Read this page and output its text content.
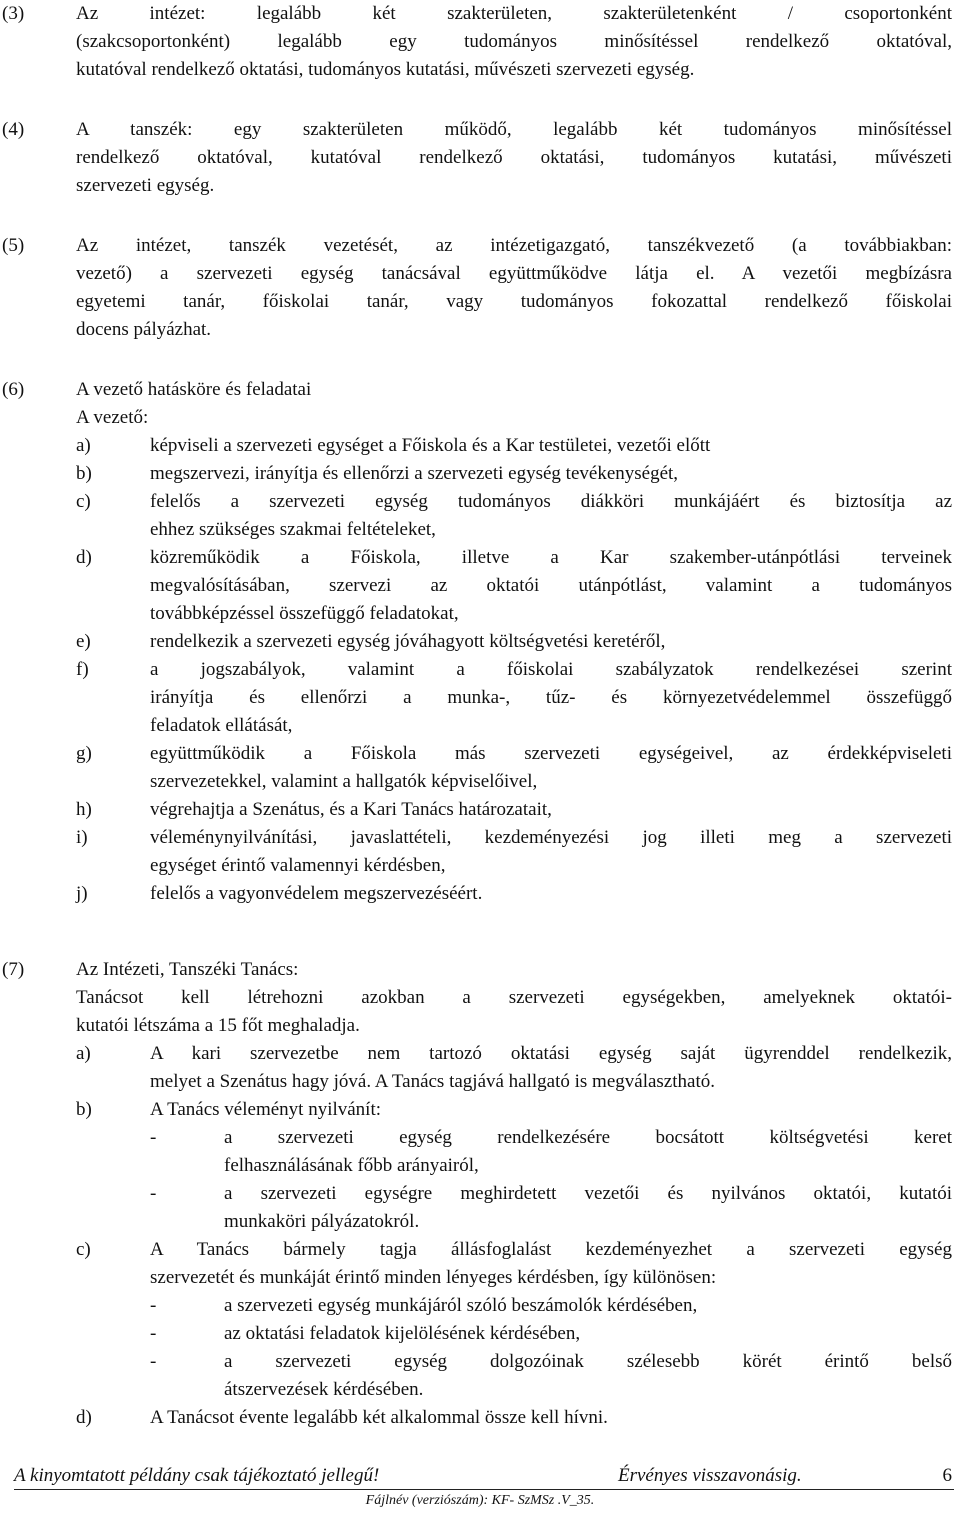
(3)	Az intézet: legalább két szakterületen, szakterületenként / csoportonként
(szakcsoportonként) legalább egy tudományos minősítéssel rendelkező oktatóval,
kutatóval rendelkező oktatási, tudományos kutatási, művészeti szervezeti egység.
(4)	A tanszék: egy szakterületen működő, legalább két tudományos minősítéssel
rendelkező oktatóval, kutatóval rendelkező oktatási, tudományos kutatási, művészeti
szervezeti egység.
(5)	Az intézet, tanszék vezetését, az intézetigazgató, tanszékvezető (a továbbiakban:
vezető) a szervezeti egység tanácsával együttműködve látja el. A vezetői megbízásra
egyetemi tanár, főiskolai tanár, vagy tudományos fokozattal rendelkező főiskolai
docens pályázhat.
(6)	A vezető hatásköre és feladatai
A vezető:
a)	képviseli a szervezeti egységet a Főiskola és a Kar testületei, vezetői előtt
b)	megszervezi, irányítja és ellenőrzi a szervezeti egység tevékenységét,
c)	felelős a szervezeti egység tudományos diákköri munkájáért és biztosítja az
ehhez szükséges szakmai feltételeket,
d)	közreműködik a Főiskola, illetve a Kar szakember-utánpótlási terveinek
megvalósításában, szervezi az oktatói utánpótlást, valamint a tudományos
továbbképzéssel összefüggő feladatokat,
e)	rendelkezik a szervezeti egység jóváhagyott költségvetési keretéről,
f)	a jogszabályok, valamint a főiskolai szabályzatok rendelkezései szerint
irányítja és ellenőrzi a munka-, tűz- és környezetvédelemmel összefüggő
feladatok ellátását,
g)	együttműködik a Főiskola más szervezeti egységeivel, az érdekképviseleti
szervezetekkel, valamint a hallgatók képviselőivel,
h)	végrehajtja a Szenátus, és a Kari Tanács határozatait,
i)	véleménynyilvánítási, javaslattételi, kezdeményezési jog illeti meg a szervezeti
egységet érintő valamennyi kérdésben,
j)	felelős a vagyonvédelem megszervezéséért.
(7)	Az Intézeti, Tanszéki Tanács:
Tanácsot kell létrehozni azokban a szervezeti egységekben, amelyeknek oktatói-
kutatói létszáma a 15 főt meghaladja.
a)	A kari szervezetbe nem tartozó oktatási egység saját ügyrenddel rendelkezik,
melyet a Szenátus hagy jóvá. A Tanács tagjává hallgató is megválasztható.
b)	A Tanács véleményt nyilvánít:
-	a szervezeti egység rendelkezésére bocsátott költségvetési keret
felhasználásának főbb arányairól,
-	a szervezeti egységre meghirdetett vezetői és nyilvános oktatói, kutatói
munkaköri pályázatokról.
c)	A Tanács bármely tagja állásfoglalást kezdeményezhet a szervezeti egység
szervezetét és munkáját érintő minden lényeges kérdésben, így különösen:
-	a szervezeti egység munkájáról szóló beszámolók kérdésében,
-	az oktatási feladatok kijelölésének kérdésében,
-	a szervezeti egység dolgozóinak szélesebb körét érintő belső
átszervezések kérdésében.
d)	A Tanácsot évente legalább két alkalommal össze kell hívni.
A kinyomtatott példány csak tájékoztató jellegű!	Érvényes visszavonásig.	6
Fájlnév (verziószám): KF- SzMSz .V_35.
